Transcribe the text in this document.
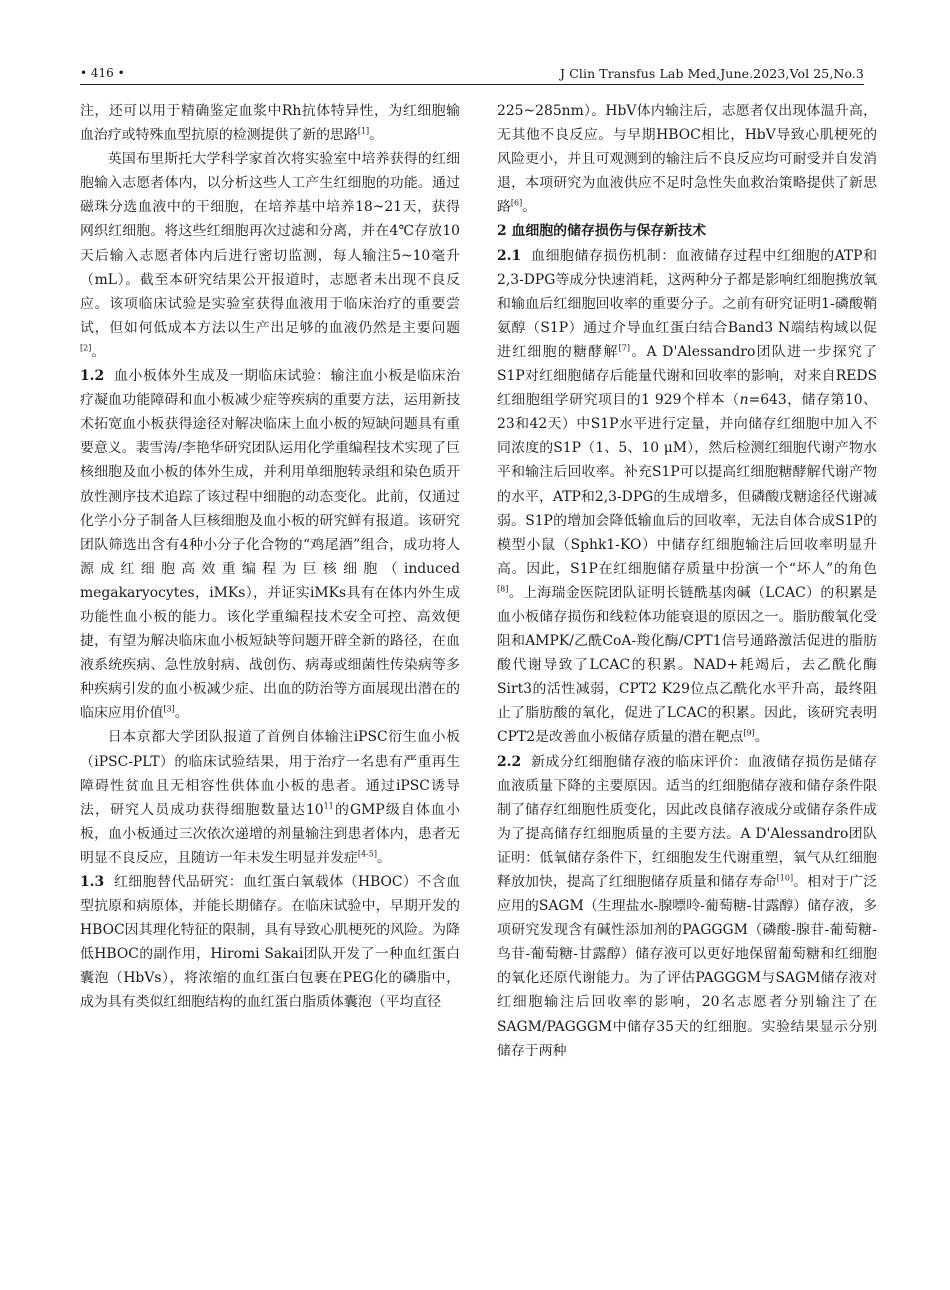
• 416 •	J Clin Transfus Lab Med,June.2023,Vol 25,No.3

注，还可以用于精确鉴定血浆中Rh抗体特异性，为红细胞输血治疗或特殊血型抗原的检测提供了新的思路[1]。

英国布里斯托大学科学家首次将实验室中培养获得的红细胞输入志愿者体内，以分析这些人工产生红细胞的功能。通过磁珠分选血液中的干细胞，在培养基中培养18~21天，获得网织红细胞。将这些红细胞再次过滤和分离，并在4℃存放10天后输入志愿者体内后进行密切监测，每人输注5~10毫升（mL）。截至本研究结果公开报道时，志愿者未出现不良反应。该项临床试验是实验室获得血液用于临床治疗的重要尝试，但如何低成本方法以生产出足够的血液仍然是主要问题[2]。

1.2 血小板体外生成及一期临床试验：输注血小板是临床治疗凝血功能障碍和血小板减少症等疾病的重要方法，运用新技术拓宽血小板获得途径对解决临床上血小板的短缺问题具有重要意义。裴雪涛/李艳华研究团队运用化学重编程技术实现了巨核细胞及血小板的体外生成，并利用单细胞转录组和染色质开放性测序技术追踪了该过程中细胞的动态变化。此前，仅通过化学小分子制备人巨核细胞及血小板的研究鲜有报道。该研究团队筛选出含有4种小分子化合物的“鸡尾酒”组合，成功将人源成红细胞高效重编程为巨核细胞（induced megakaryocytes，iMKs），并证实iMKs具有在体内外生成功能性血小板的能力。该化学重编程技术安全可控、高效便捷，有望为解决临床血小板短缺等问题开辟全新的路径，在血液系统疾病、急性放射病、战创伤、病毒或细菌性传染病等多种疾病引发的血小板减少症、出血的防治等方面展现出潜在的临床应用价值[3]。

日本京都大学团队报道了首例自体输注iPSC衍生血小板（iPSC-PLT）的临床试验结果，用于治疗一名患有严重再生障碍性贫血且无相容性供体血小板的患者。通过iPSC诱导法，研究人员成功获得细胞数量达10$^{11}$的GMP级自体血小板，血小板通过三次依次递增的剂量输注到患者体内，患者无明显不良反应，且随访一年未发生明显并发症[4-5]。

1.3 红细胞替代品研究：血红蛋白氧载体（HBOC）不含血型抗原和病原体，并能长期储存。在临床试验中，早期开发的HBOC因其理化特征的限制，具有导致心肌梗死的风险。为降低HBOC的副作用，Hiromi Sakai团队开发了一种血红蛋白囊泡（HbVs），将浓缩的血红蛋白包裹在PEG化的磷脂中，成为具有类似红细胞结构的血红蛋白脂质体囊泡（平均直径

225~285nm）。HbV体内输注后，志愿者仅出现体温升高，无其他不良反应。与早期HBOC相比，HbV导致心肌梗死的风险更小，并且可观测到的输注后不良反应均可耐受并自发消退，本项研究为血液供应不足时急性失血救治策略提供了新思路[6]。

2 血细胞的储存损伤与保存新技术

2.1 血细胞储存损伤机制：血液储存过程中红细胞的ATP和2,3-DPG等成分快速消耗，这两种分子都是影响红细胞携放氧和输血后红细胞回收率的重要分子。之前有研究证明1-磷酸鞘氨醇（S1P）通过介导血红蛋白结合Band3 N端结构域以促进红细胞的糖酵解[7]。A D'Alessandro团队进一步探究了S1P对红细胞储存后能量代谢和回收率的影响，对来自REDS红细胞组学研究项目的1 929个样本（n=643，储存第10、23和42天）中S1P水平进行定量，并向储存红细胞中加入不同浓度的S1P（1、5、10 μM），然后检测红细胞代谢产物水平和输注后回收率。补充S1P可以提高红细胞糖酵解代谢产物的水平，ATP和2,3-DPG的生成增多，但磷酸戊糖途径代谢减弱。S1P的增加会降低输血后的回收率，无法自体合成S1P的模型小鼠（Sphk1-KO）中储存红细胞输注后回收率明显升高。因此，S1P在红细胞储存质量中扮演一个“坏人”的角色[8]。上海瑞金医院团队证明长链酰基肉碱（LCAC）的积累是血小板储存损伤和线粒体功能衰退的原因之一。脂肪酸氧化受阻和AMPK/乙酰CoA-羧化酶/CPT1信号通路激活促进的脂肪酸代谢导致了LCAC的积累。NAD+耗竭后，去乙酰化酶Sirt3的活性减弱，CPT2 K29位点乙酰化水平升高，最终阻止了脂肪酸的氧化，促进了LCAC的积累。因此，该研究表明CPT2是改善血小板储存质量的潜在靶点[9]。

2.2 新成分红细胞储存液的临床评价：血液储存损伤是储存血液质量下降的主要原因。适当的红细胞储存液和储存条件限制了储存红细胞性质变化，因此改良储存液成分或储存条件成为了提高储存红细胞质量的主要方法。A D'Alessandro团队证明：低氧储存条件下，红细胞发生代谢重塑，氧气从红细胞释放加快，提高了红细胞储存质量和储存寿命[10]。相对于广泛应用的SAGM（生理盐水-腺嘌呤-葡萄糖-甘露醇）储存液，多项研究发现含有碱性添加剂的PAGGGM（磷酸-腺苷-葡萄糖-鸟苷-葡萄糖-甘露醇）储存液可以更好地保留葡萄糖和红细胞的氧化还原代谢能力。为了评估PAGGGM与SAGM储存液对红细胞输注后回收率的影响，20名志愿者分别输注了在SAGM/PAGGGM中储存35天的红细胞。实验结果显示分别储存于两种
